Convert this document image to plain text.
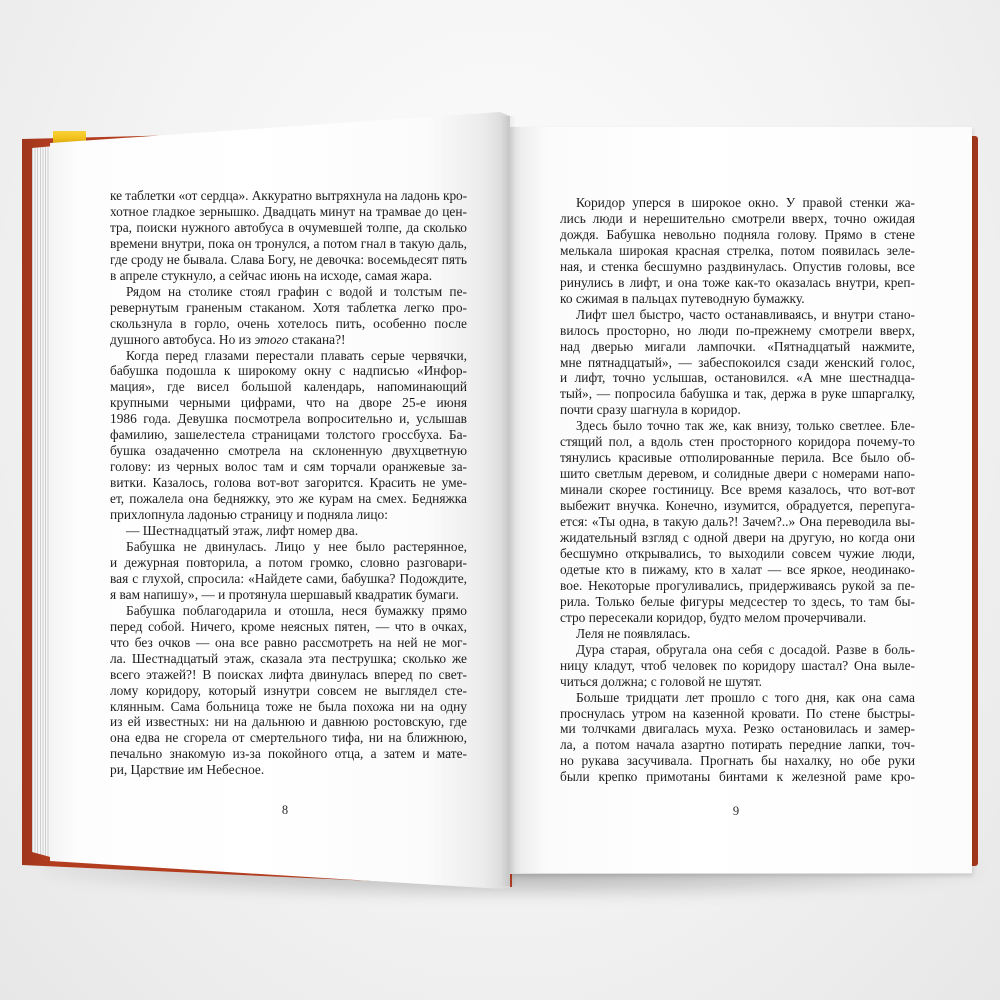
ке таблетки «от сердца». Аккуратно вытряхнула на ладонь кро-
хотное гладкое зернышко. Двадцать минут на трамвае до цен-
тра, поиски нужного автобуса в очумевшей толпе, да сколько
времени внутри, пока он тронулся, а потом гнал в такую даль,
где сроду не бывала. Слава Богу, не девочка: восемьдесят пять
в апреле стукнуло, а сейчас июнь на исходе, самая жара.
Рядом на столике стоял графин с водой и толстым пе-
ревернутым граненым стаканом. Хотя таблетка легко про-
скользнула в горло, очень хотелось пить, особенно после
душного автобуса. Но из этого стакана?!
Когда перед глазами перестали плавать серые червячки,
бабушка подошла к широкому окну с надписью «Инфор-
мация», где висел большой календарь, напоминающий
крупными черными цифрами, что на дворе 25-е июня
1986 года. Девушка посмотрела вопросительно и, услышав
фамилию, зашелестела страницами толстого гроссбуха. Ба-
бушка озадаченно смотрела на склоненную двухцветную
голову: из черных волос там и сям торчали оранжевые за-
витки. Казалось, голова вот-вот загорится. Красить не уме-
ет, пожалела она бедняжку, это же курам на смех. Бедняжка
прихлопнула ладонью страницу и подняла лицо:
— Шестнадцатый этаж, лифт номер два.
Бабушка не двинулась. Лицо у нее было растерянное,
и дежурная повторила, а потом громко, словно разговари-
вая с глухой, спросила: «Найдете сами, бабушка? Подождите,
я вам напишу», — и протянула шершавый квадратик бумаги.
Бабушка поблагодарила и отошла, неся бумажку прямо
перед собой. Ничего, кроме неясных пятен, — что в очках,
что без очков — она все равно рассмотреть на ней не мог-
ла. Шестнадцатый этаж, сказала эта пеструшка; сколько же
всего этажей?! В поисках лифта двинулась вперед по свет-
лому коридору, который изнутри совсем не выглядел сте-
клянным. Сама больница тоже не была похожа ни на одну
из ей известных: ни на дальнюю и давнюю ростовскую, где
она едва не сгорела от смертельного тифа, ни на ближнюю,
печально знакомую из-за покойного отца, а затем и мате-
ри, Царствие им Небесное.
Коридор уперся в широкое окно. У правой стенки жа-
лись люди и нерешительно смотрели вверх, точно ожидая
дождя. Бабушка невольно подняла голову. Прямо в стене
мелькала широкая красная стрелка, потом появилась зеле-
ная, и стенка бесшумно раздвинулась. Опустив головы, все
ринулись в лифт, и она тоже как-то оказалась внутри, креп-
ко сжимая в пальцах путеводную бумажку.
Лифт шел быстро, часто останавливаясь, и внутри стано-
вилось просторно, но люди по-прежнему смотрели вверх,
над дверью мигали лампочки. «Пятнадцатый нажмите,
мне пятнадцатый», — забеспокоился сзади женский голос,
и лифт, точно услышав, остановился. «А мне шестнадца-
тый», — попросила бабушка и так, держа в руке шпаргалку,
почти сразу шагнула в коридор.
Здесь было точно так же, как внизу, только светлее. Бле-
стящий пол, а вдоль стен просторного коридора почему-то
тянулись красивые отполированные перила. Все было об-
шито светлым деревом, и солидные двери с номерами напо-
минали скорее гостиницу. Все время казалось, что вот-вот
выбежит внучка. Конечно, изумится, обрадуется, перепуга-
ется: «Ты одна, в такую даль?! Зачем?..» Она переводила вы-
жидательный взгляд с одной двери на другую, но когда они
бесшумно открывались, то выходили совсем чужие люди,
одетые кто в пижаму, кто в халат — все яркое, неодинако-
вое. Некоторые прогуливались, придерживаясь рукой за пе-
рила. Только белые фигуры медсестер то здесь, то там бы-
стро пересекали коридор, будто мелом прочерчивали.
Леля не появлялась.
Дура старая, обругала она себя с досадой. Разве в боль-
ницу кладут, чтоб человек по коридору шастал? Она выле-
читься должна; с головой не шутят.
Больше тридцати лет прошло с того дня, как она сама
проснулась утром на казенной кровати. По стене быстры-
ми толчками двигалась муха. Резко остановилась и замер-
ла, а потом начала азартно потирать передние лапки, точ-
но рукава засучивала. Прогнать бы нахалку, но обе руки
были крепко примотаны бинтами к железной раме кро-
8	9
